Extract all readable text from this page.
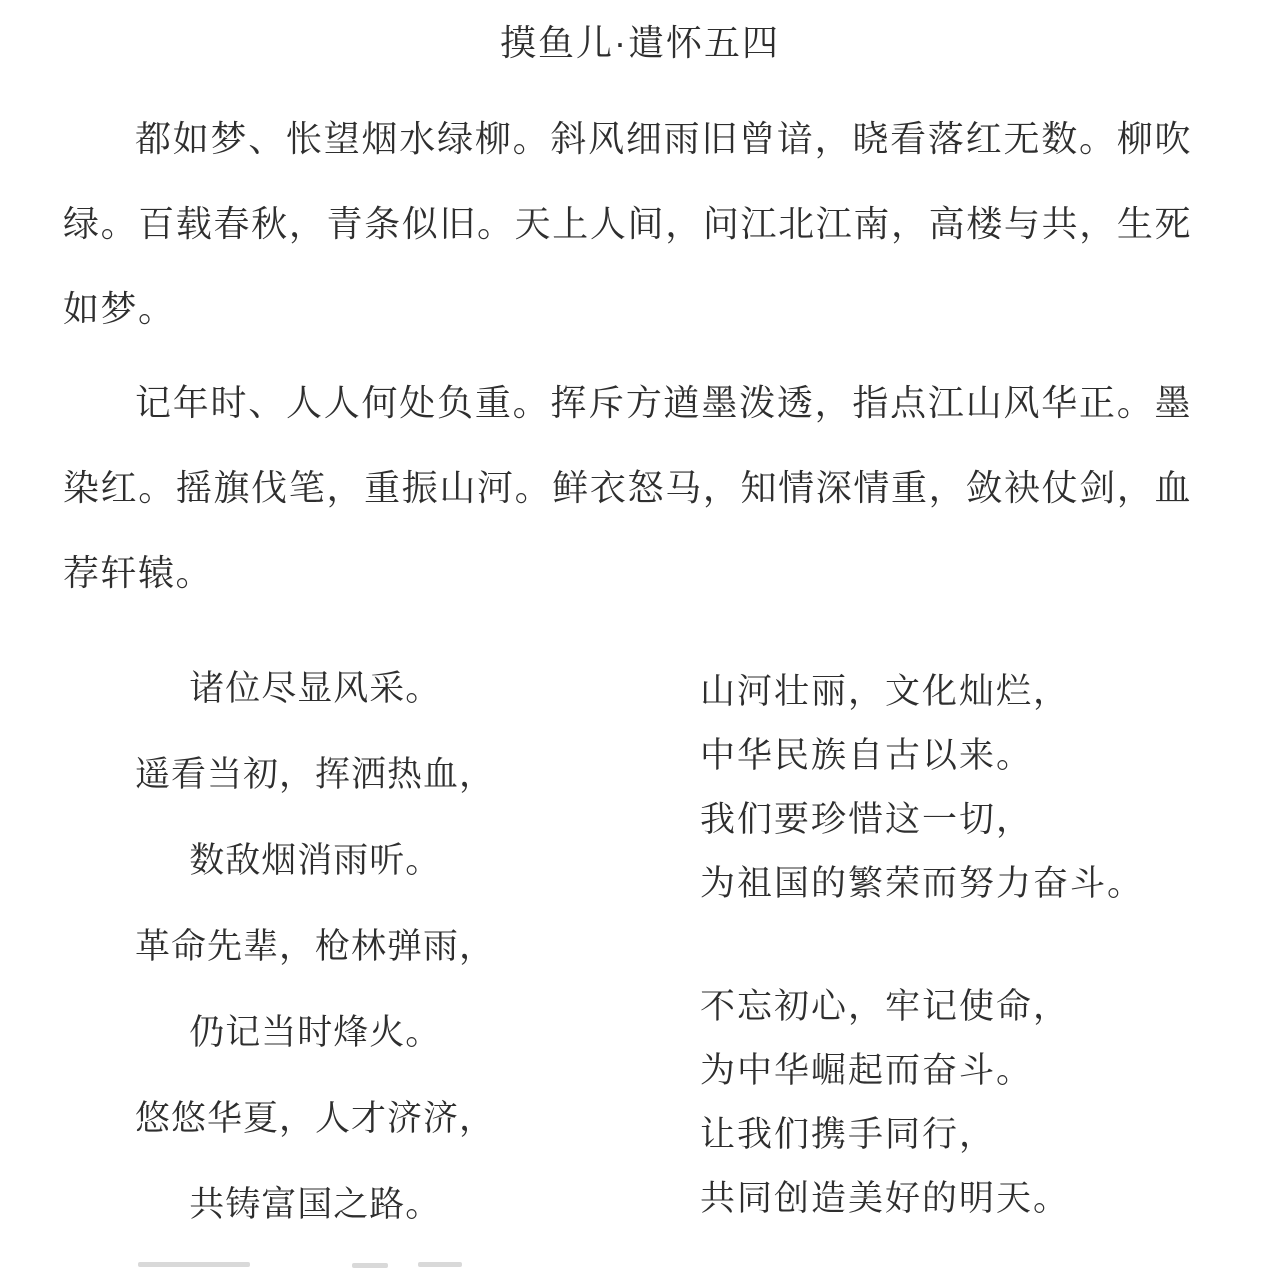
摸鱼儿·遣怀五四

都如梦、怅望烟水绿柳。斜风细雨旧曾谙，晓看落红无数。柳吹绿。百载春秋，青条似旧。天上人间，问江北江南，高楼与共，生死如梦。

记年时、人人何处负重。挥斥方遒墨泼透，指点江山风华正。墨染红。摇旗伐笔，重振山河。鲜衣怒马，知情深情重，敛袂仗剑，血荐轩辕。

诸位尽显风采。
遥看当初，挥洒热血，
数敌烟消雨听。
革命先辈，枪林弹雨，
仍记当时烽火。
悠悠华夏，人才济济，
共铸富国之路。
山河壮丽，文化灿烂，
中华民族自古以来。
我们要珍惜这一切，
为祖国的繁荣而努力奋斗。
不忘初心，牢记使命，
为中华崛起而奋斗。
让我们携手同行，
共同创造美好的明天。
